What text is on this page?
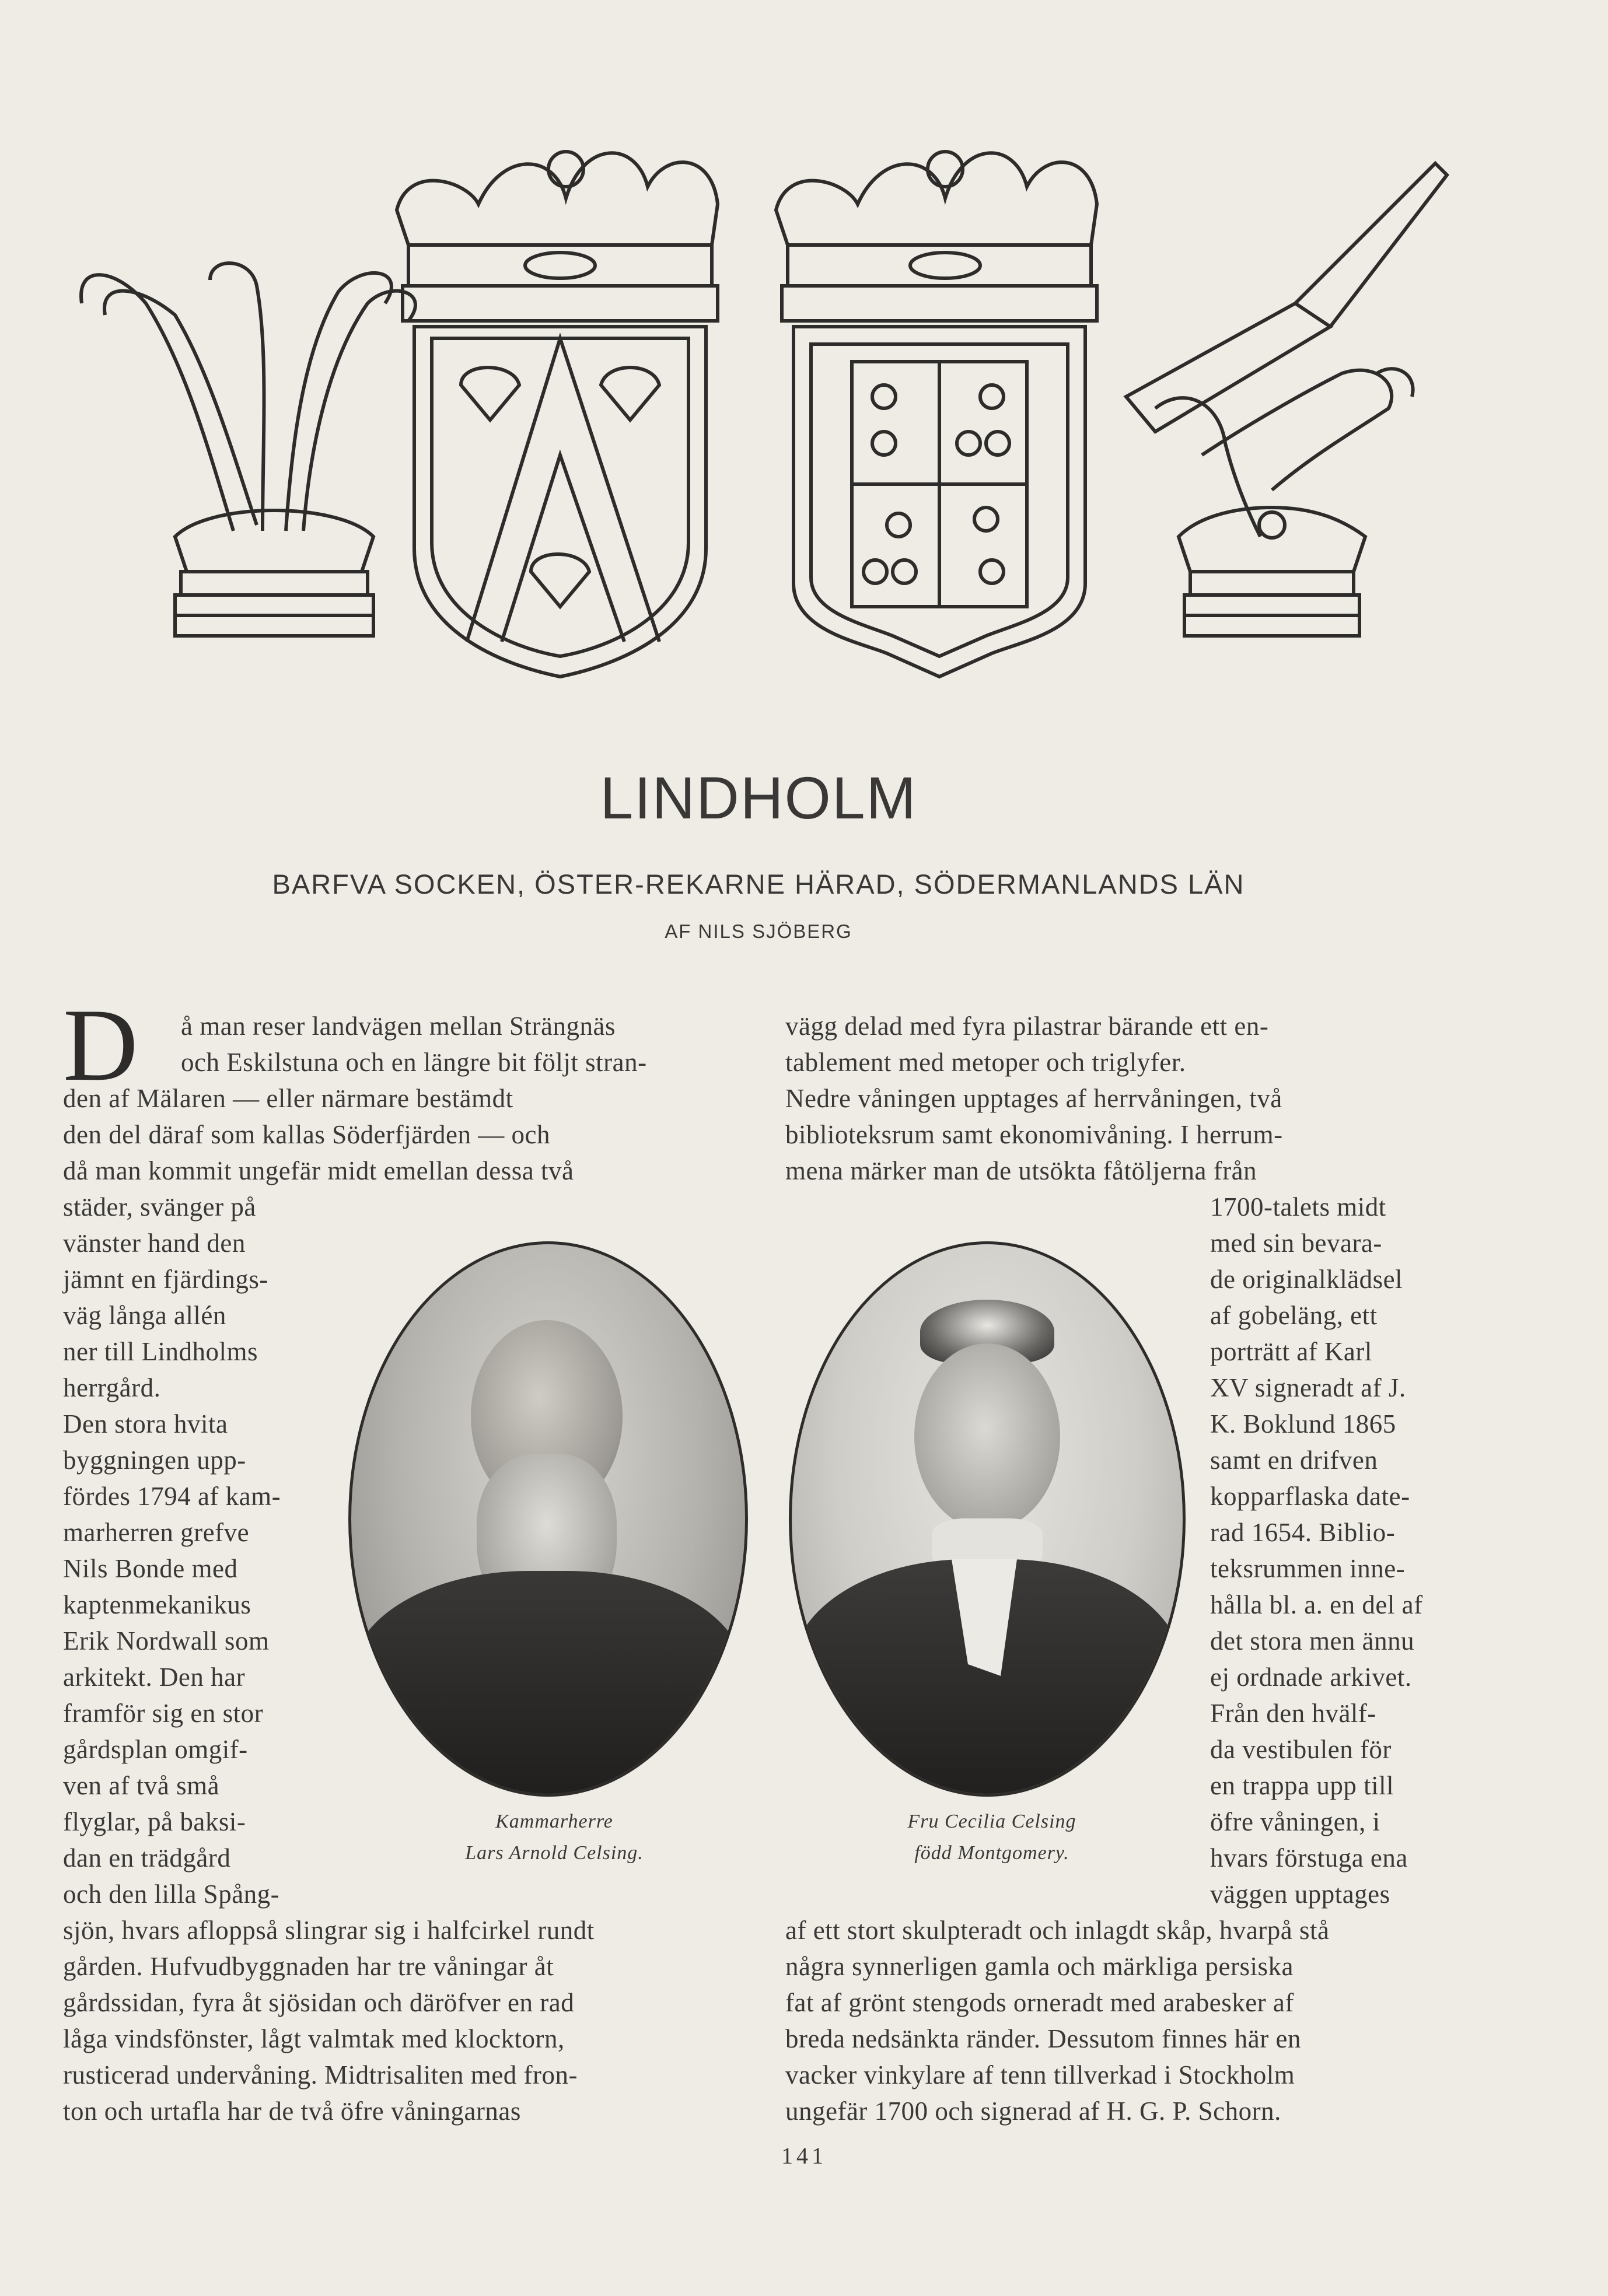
LINDHOLM
BARFVA SOCKEN, ÖSTER-REKARNE HÄRAD, SÖDERMANLANDS LÄN
AF NILS SJÖBERG
D å man reser landvägen mellan Strängnäs
och Eskilstuna och en längre bit följt stran-
den af Mälaren — eller närmare bestämdt
den del däraf som kallas Söderfjärden — och
då man kommit ungefär midt emellan dessa två
städer, svänger på
vänster hand den
jämnt en fjärdings-
väg långa allén
ner till Lindholms
herrgård.
Den stora hvita
byggningen upp-
fördes 1794 af kam-
marherren grefve
Nils Bonde med
kaptenmekanikus
Erik Nordwall som
arkitekt. Den har
framför sig en stor
gårdsplan omgif-
ven af två små
flyglar, på baksi-
dan en trädgård
och den lilla Spång-
sjön, hvars afloppså slingrar sig i halfcirkel rundt
gården. Hufvudbyggnaden har tre våningar åt
gårdssidan, fyra åt sjösidan och däröfver en rad
låga vindsfönster, lågt valmtak med klocktorn,
rusticerad undervåning. Midtrisaliten med fron-
ton och urtafla har de två öfre våningarnas
vägg delad med fyra pilastrar bärande ett en-
tablement med metoper och triglyfer.
Nedre våningen upptages af herrvåningen, två
biblioteksrum samt ekonomivåning. I herrum-
mena märker man de utsökta fåtöljerna från
1700-talets midt
med sin bevara-
de originalklädsel
af gobeläng, ett
porträtt af Karl
XV signeradt af J.
K. Boklund 1865
samt en drifven
kopparflaska date-
rad 1654. Biblio-
teksrummen inne-
hålla bl. a. en del af
det stora men ännu
ej ordnade arkivet.
Från den hvälf-
da vestibulen för
en trappa upp till
öfre våningen, i
hvars förstuga ena
väggen upptages
af ett stort skulpteradt och inlagdt skåp, hvarpå stå
några synnerligen gamla och märkliga persiska
fat af grönt stengods orneradt med arabesker af
breda nedsänkta ränder. Dessutom finnes här en
vacker vinkylare af tenn tillverkad i Stockholm
ungefär 1700 och signerad af H. G. P. Schorn.
Kammarherre
Lars Arnold Celsing.
Fru Cecilia Celsing
född Montgomery.
141
